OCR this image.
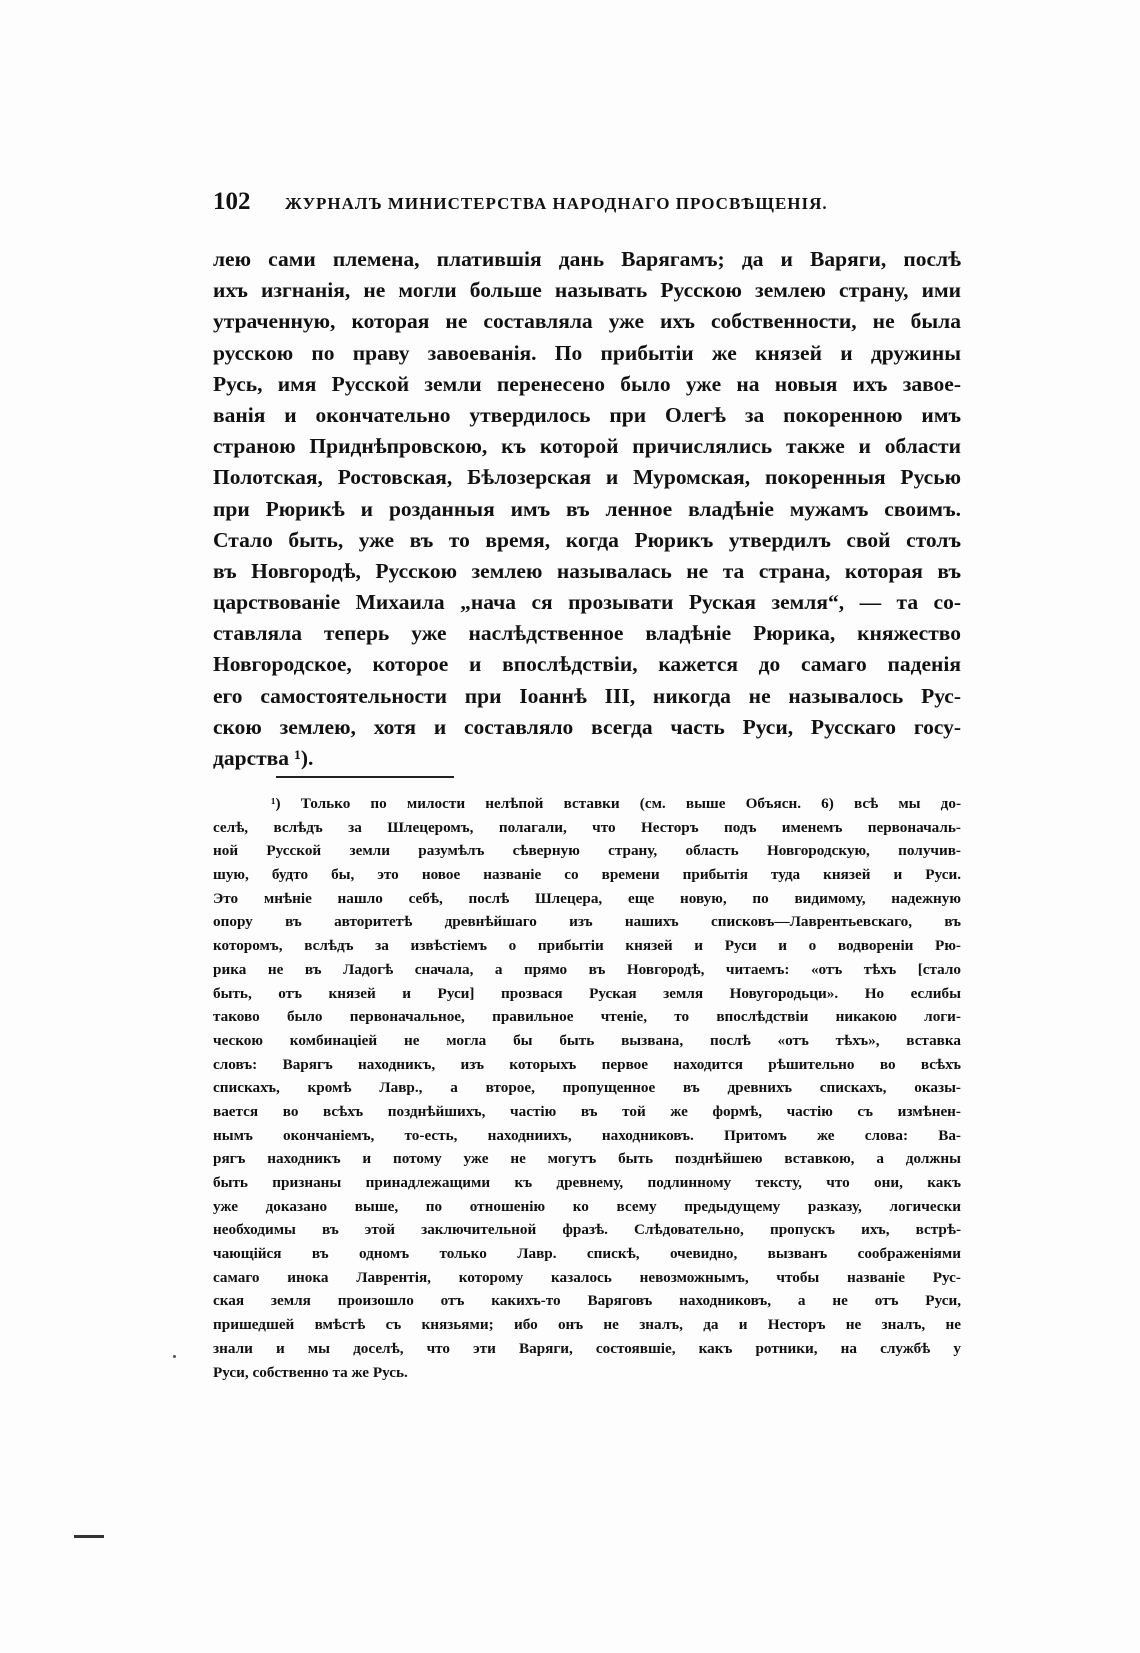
102	ЖУРНАЛЪ МИНИСТЕРСТВА НАРОДНАГО ПРОСВѢЩЕНІЯ.
лею сами племена, платившія дань Варягамъ; да и Варяги, послѣ
ихъ изгнанія, не могли больше называть Русскою землею страну, ими
утраченную, которая не составляла уже ихъ собственности, не была
русскою по праву завоеванія. По прибытіи же князей и дружины
Русь, имя Русской земли перенесено было уже на новыя ихъ завое-
ванія и окончательно утвердилось при Олегѣ за покоренною имъ
страною Приднѣпровскою, къ которой причислялись также и области
Полотская, Ростовская, Бѣлозерская и Муромская, покоренныя Русью
при Рюрикѣ и розданныя имъ въ ленное владѣніе мужамъ своимъ.
Стало быть, уже въ то время, когда Рюрикъ утвердилъ свой столъ
въ Новгородѣ, Русскою землею называлась не та страна, которая въ
царствованіе Михаила „нача ся прозывати Руская земля“, — та со-
ставляла теперь уже наслѣдственное владѣніе Рюрика, княжество
Новгородское, которое и впослѣдствіи, кажется до самаго паденія
его самостоятельности при Іоаннѣ III, никогда не называлось Рус-
скою землею, хотя и составляло всегда часть Руси, Русскаго госу-
дарства ¹).
¹) Только по милости нелѣпой вставки (см. выше Объясн. 6) всѣ мы до-
селѣ, вслѣдъ за Шлецеромъ, полагали, что Несторъ подъ именемъ первоначаль-
ной Русской земли разумѣлъ сѣверную страну, область Новгородскую, получив-
шую, будто бы, это новое названіе со времени прибытія туда князей и Руси.
Это мнѣніе нашло себѣ, послѣ Шлецера, еще новую, по видимому, надежную
опору въ авторитетѣ древнѣйшаго изъ нашихъ списковъ—Лаврентьевскаго, въ
которомъ, вслѣдъ за извѣстіемъ о прибытіи князей и Руси и о водвореніи Рю-
рика не въ Ладогѣ сначала, а прямо въ Новгородѣ, читаемъ: «отъ тѣхъ [стало
быть, отъ князей и Руси] прозвася Руская земля Новугородьци». Но еслибы
таково было первоначальное, правильное чтеніе, то впослѣдствіи никакою логи-
ческою комбинаціей не могла бы быть вызвана, послѣ «отъ тѣхъ», вставка
словъ: Варягъ находникъ, изъ которыхъ первое находится рѣшительно во всѣхъ
спискахъ, кромѣ Лавр., а второе, пропущенное въ древнихъ спискахъ, оказы-
вается во всѣхъ позднѣйшихъ, частію въ той же формѣ, частію съ измѣнен-
нымъ окончаніемъ, то-есть, находниихъ, находниковъ. Притомъ же слова: Ва-
рягъ находникъ и потому уже не могутъ быть позднѣйшею вставкою, а должны
быть признаны принадлежащими къ древнему, подлинному тексту, что они, какъ
уже доказано выше, по отношенію ко всему предыдущему разказу, логически
необходимы въ этой заключительной фразѣ. Слѣдовательно, пропускъ ихъ, встрѣ-
чающійся въ одномъ только Лавр. спискѣ, очевидно, вызванъ соображеніями
самаго инока Лаврентія, которому казалось невозможнымъ, чтобы названіе Рус-
ская земля произошло отъ какихъ-то Варяговъ находниковъ, а не отъ Руси,
пришедшей вмѣстѣ съ князьями; ибо онъ не зналъ, да и Несторъ не зналъ, не
знали и мы доселѣ, что эти Варяги, состоявшіе, какъ ротники, на службѣ у
Руси, собственно та же Русь.
